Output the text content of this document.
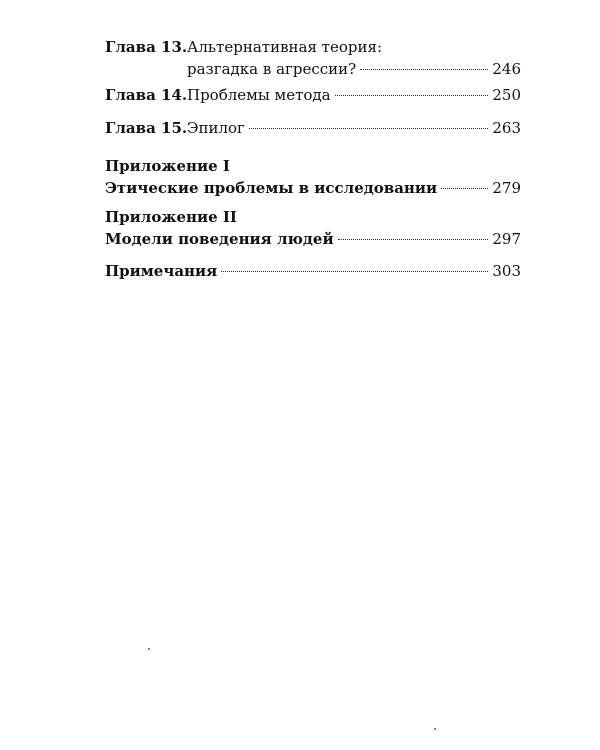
Глава 13. Альтернативная теория:
разгадка в агрессии?	246
Глава 14. Проблемы метода	250
Глава 15. Эпилог	263
Приложение I
Этические проблемы в исследовании	279
Приложение II
Модели поведения людей	297
Примечания	303
